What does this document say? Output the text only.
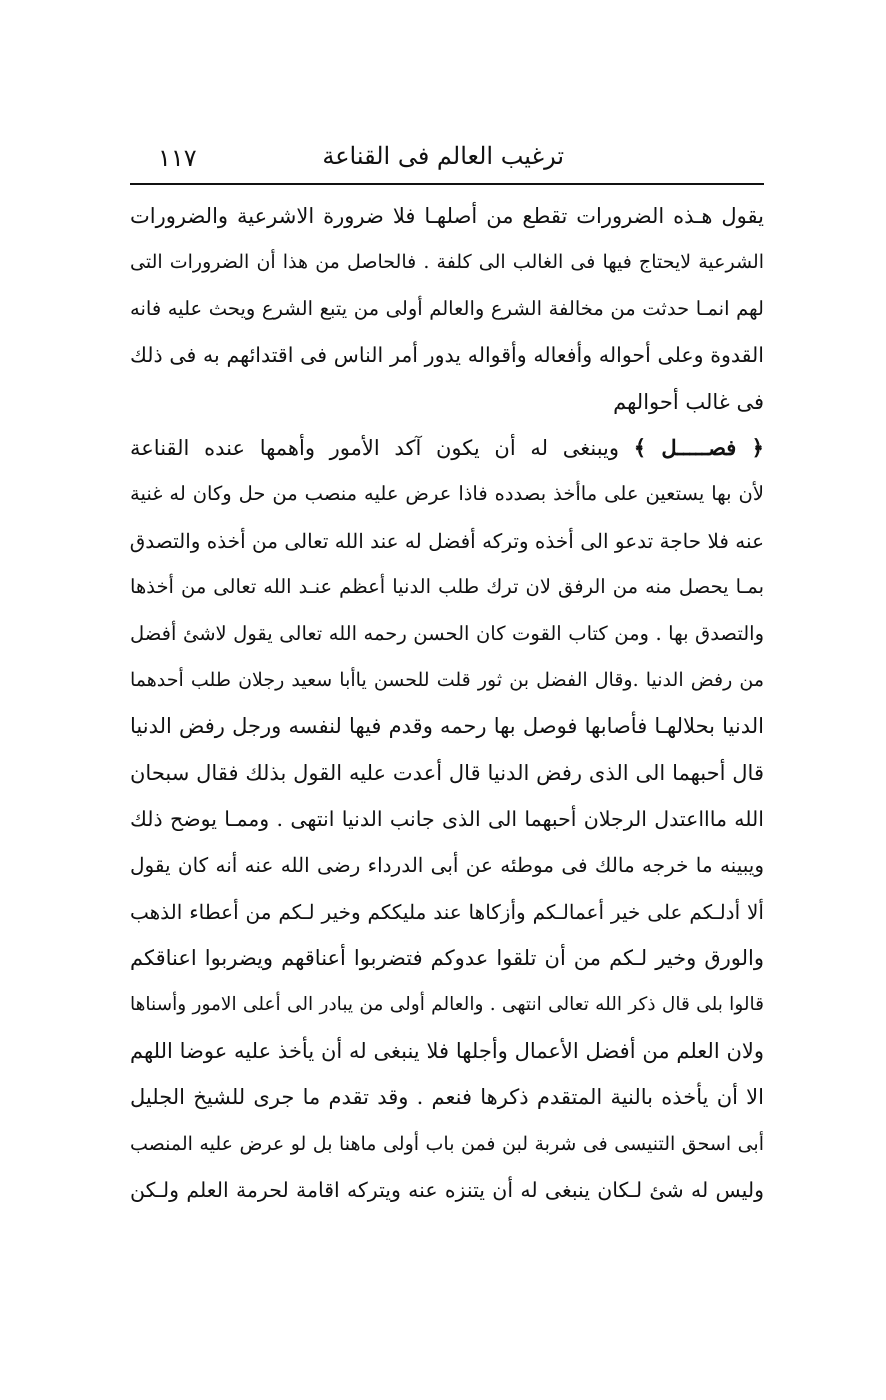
ترغيب العالم فى القناعة
١١٧
يقول هـذه الضرورات تقطع من أصلهـا فلا ضرورة الاشرعية والضرورات
الشرعية لايحتاج فيها فى الغالب الى كلفة . فالحاصل من هذا أن الضرورات التى
لهم انمـا حدثت من مخالفة الشرع والعالم أولى من يتبع الشرع ويحث عليه فانه
القدوة وعلى أحواله وأفعاله وأقواله يدور أمر الناس فى اقتدائهم به فى ذلك
فى غالب أحوالهم
﴿ فصـــــل ﴾ ويبنغى له أن يكون آكد الأمور وأهمها عنده القناعة
لأن بها يستعين على ماأخذ بصدده فاذا عرض عليه منصب من حل وكان له غنية
عنه فلا حاجة تدعو الى أخذه وتركه أفضل له عند الله تعالى من أخذه والتصدق
بمـا يحصل منه من الرفق لان ترك طلب الدنيا أعظم عنـد الله تعالى من أخذها
والتصدق بها . ومن كتاب القوت كان الحسن رحمه الله تعالى يقول لاشئ أفضل
من رفض الدنيا .وقال الفضل بن ثور قلت للحسن ياأبا سعيد رجلان طلب أحدهما
الدنيا بحلالهـا فأصابها فوصل بها رحمه وقدم فيها لنفسه ورجل رفض الدنيا
قال أحبهما الى الذى رفض الدنيا قال أعدت عليه القول بذلك فقال سبحان
الله ماااعتدل الرجلان أحبهما الى الذى جانب الدنيا انتهى . وممـا يوضح ذلك
ويبينه ما خرجه مالك فى موطئه عن أبى الدرداء رضى الله عنه أنه كان يقول
ألا أدلـكم على خير أعمالـكم وأزكاها عند مليككم وخير لـكم من أعطاء الذهب
والورق وخير لـكم من أن تلقوا عدوكم فتضربوا أعناقهم ويضربوا اعناقكم
قالوا بلى قال ذكر الله تعالى انتهى . والعالم أولى من يبادر الى أعلى الامور وأسناها
ولان العلم من أفضل الأعمال وأجلها فلا ينبغى له أن يأخذ عليه عوضا اللهم
الا أن يأخذه بالنية المتقدم ذكرها فنعم . وقد تقدم ما جرى للشيخ الجليل
أبى اسحق التنيسى فى شربة لبن فمن باب أولى ماهنا بل لو عرض عليه المنصب
وليس له شئ لـكان ينبغى له أن يتنزه عنه ويتركه اقامة لحرمة العلم ولـكن
